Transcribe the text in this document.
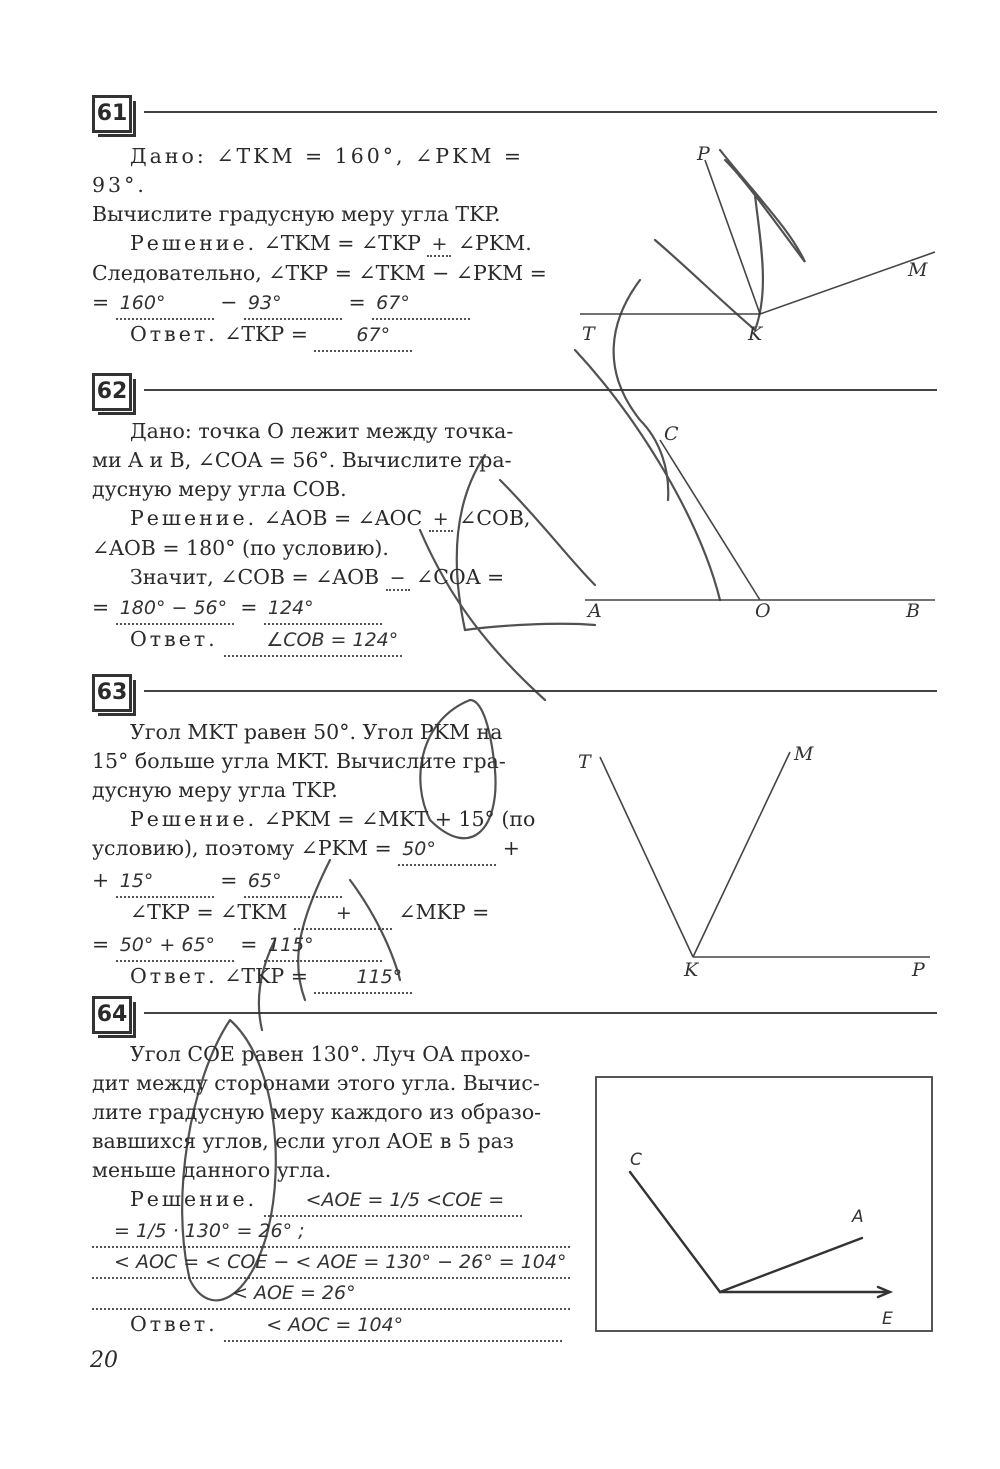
61

Дано: ∠TKM = 160°, ∠PKM = 93°.

Вычислите градусную меру угла TKP.

Решение. ∠TKM = ∠TKP + ∠PKM.

Следовательно, ∠TKP = ∠TKM − ∠PKM =

= 160° − 93°	= 67°

Ответ. ∠TKP =	67°

62

Дано: точка O лежит между точка-

ми A и B, ∠COA = 56°. Вычислите гра-

дусную меру угла COB.

Решение. ∠AOB = ∠AOC + ∠COB,

∠AOB = 180° (по условию).

Значит, ∠COB = ∠AOB − ∠COA =

= 180° − 56° = 124°

Ответ.	∠COB = 124°

63

Угол MKT равен 50°. Угол PKM на

15° больше угла MKT. Вычислите гра-

дусную меру угла TKP.

Решение. ∠PKM = ∠MKT + 15° (по

условию), поэтому ∠PKM = 50°	+

+ 15°	= 65°

∠TKP = ∠TKM	+ ∠MKP =

= 50° + 65° = 115°

Ответ. ∠TKP =	115°

64

Угол COE равен 130°. Луч OA прохо-

дит между сторонами этого угла. Вычис-

лите градусную меру каждого из образо-

вавшихся углов, если угол AOE в 5 раз

меньше данного угла.

Решение.	<AOE = 1/5 <COE =

= 1/5 · 130° = 26° ;
< AOC = < COE − < AOE = 130° − 26° = 104°
< AOE = 26°

Ответ.	< AOC = 104°

P
M
T	K
C
A	O	B
T	M
K	P
C
A
E
20
